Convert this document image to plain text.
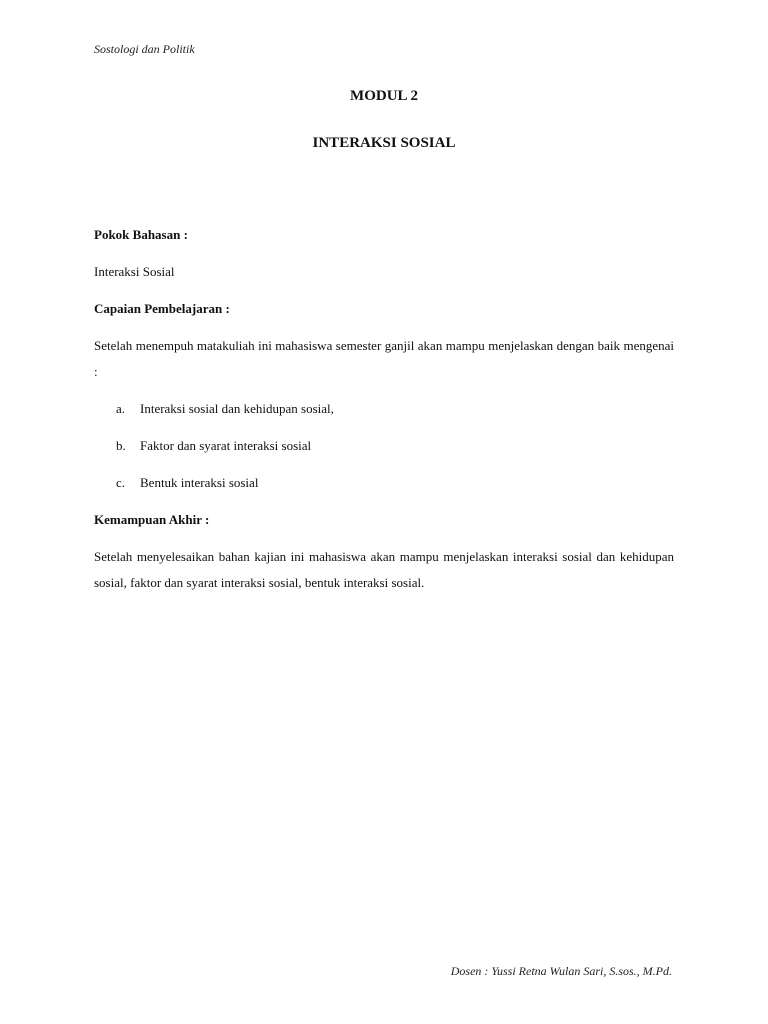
Sostologi dan Politik
MODUL 2
INTERAKSI SOSIAL

Pokok Bahasan :

Interaksi Sosial

Capaian Pembelajaran :

Setelah menempuh matakuliah ini mahasiswa semester ganjil akan mampu menjelaskan dengan baik mengenai :

a. Interaksi sosial dan kehidupan sosial,
b. Faktor dan syarat interaksi sosial
c. Bentuk interaksi sosial

Kemampuan Akhir :

Setelah menyelesaikan bahan kajian ini mahasiswa akan mampu menjelaskan interaksi sosial dan kehidupan sosial, faktor dan syarat interaksi sosial, bentuk interaksi sosial.

Dosen : Yussi Retna Wulan Sari, S.sos., M.Pd.
